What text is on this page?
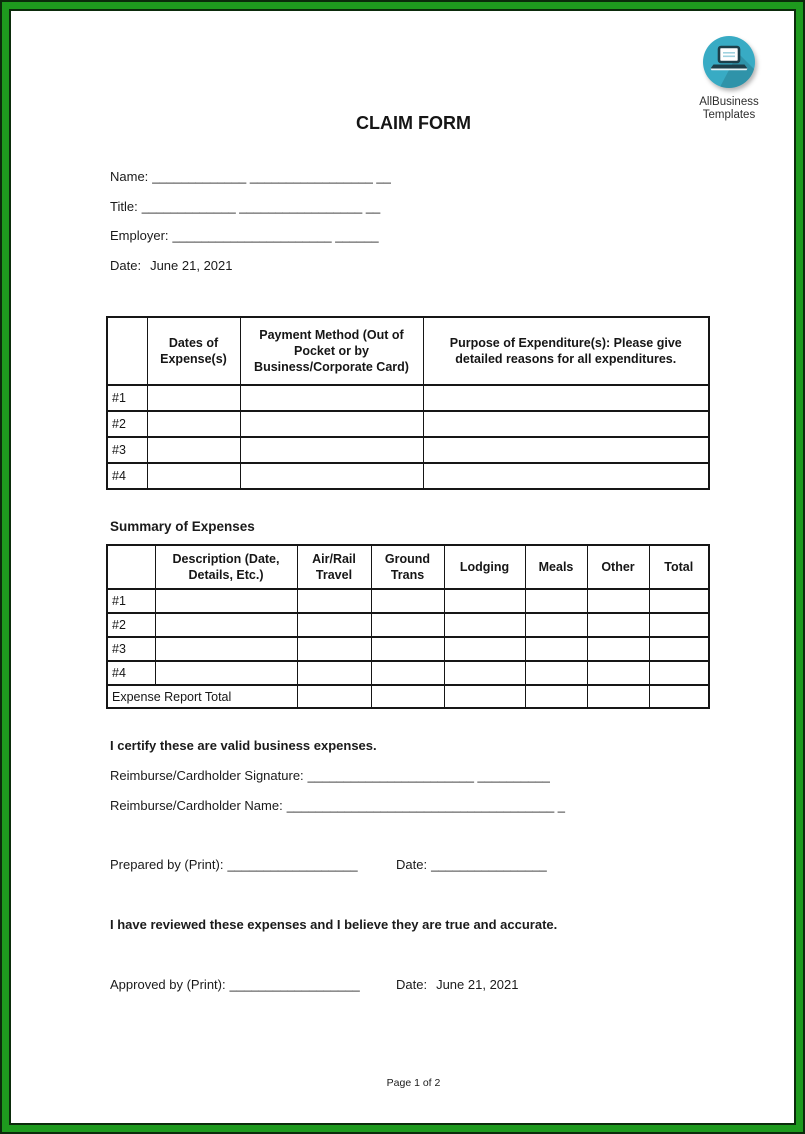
AllBusiness
Templates
CLAIM FORM
Name: _____________ _________________ __
Title: _____________ _________________ __
Employer: ______________________ ______
Date: June 21, 2021
	Dates of Expense(s)	Payment Method (Out of Pocket or by Business/Corporate Card)	Purpose of Expenditure(s): Please give detailed reasons for all expenditures.
#1			
#2			
#3			
#4			
Summary of Expenses
	Description (Date, Details, Etc.)	Air/Rail Travel	Ground Trans	Lodging	Meals	Other	Total
#1							
#2							
#3							
#4							
Expense Report Total							
I certify these are valid business expenses.
Reimburse/Cardholder Signature: _______________________ __________
Reimburse/Cardholder Name: _____________________________________ _
Prepared by (Print): __________________	Date: ________________
I have reviewed these expenses and I believe they are true and accurate.
Approved by (Print): __________________	Date: June 21, 2021
Page 1 of 2
